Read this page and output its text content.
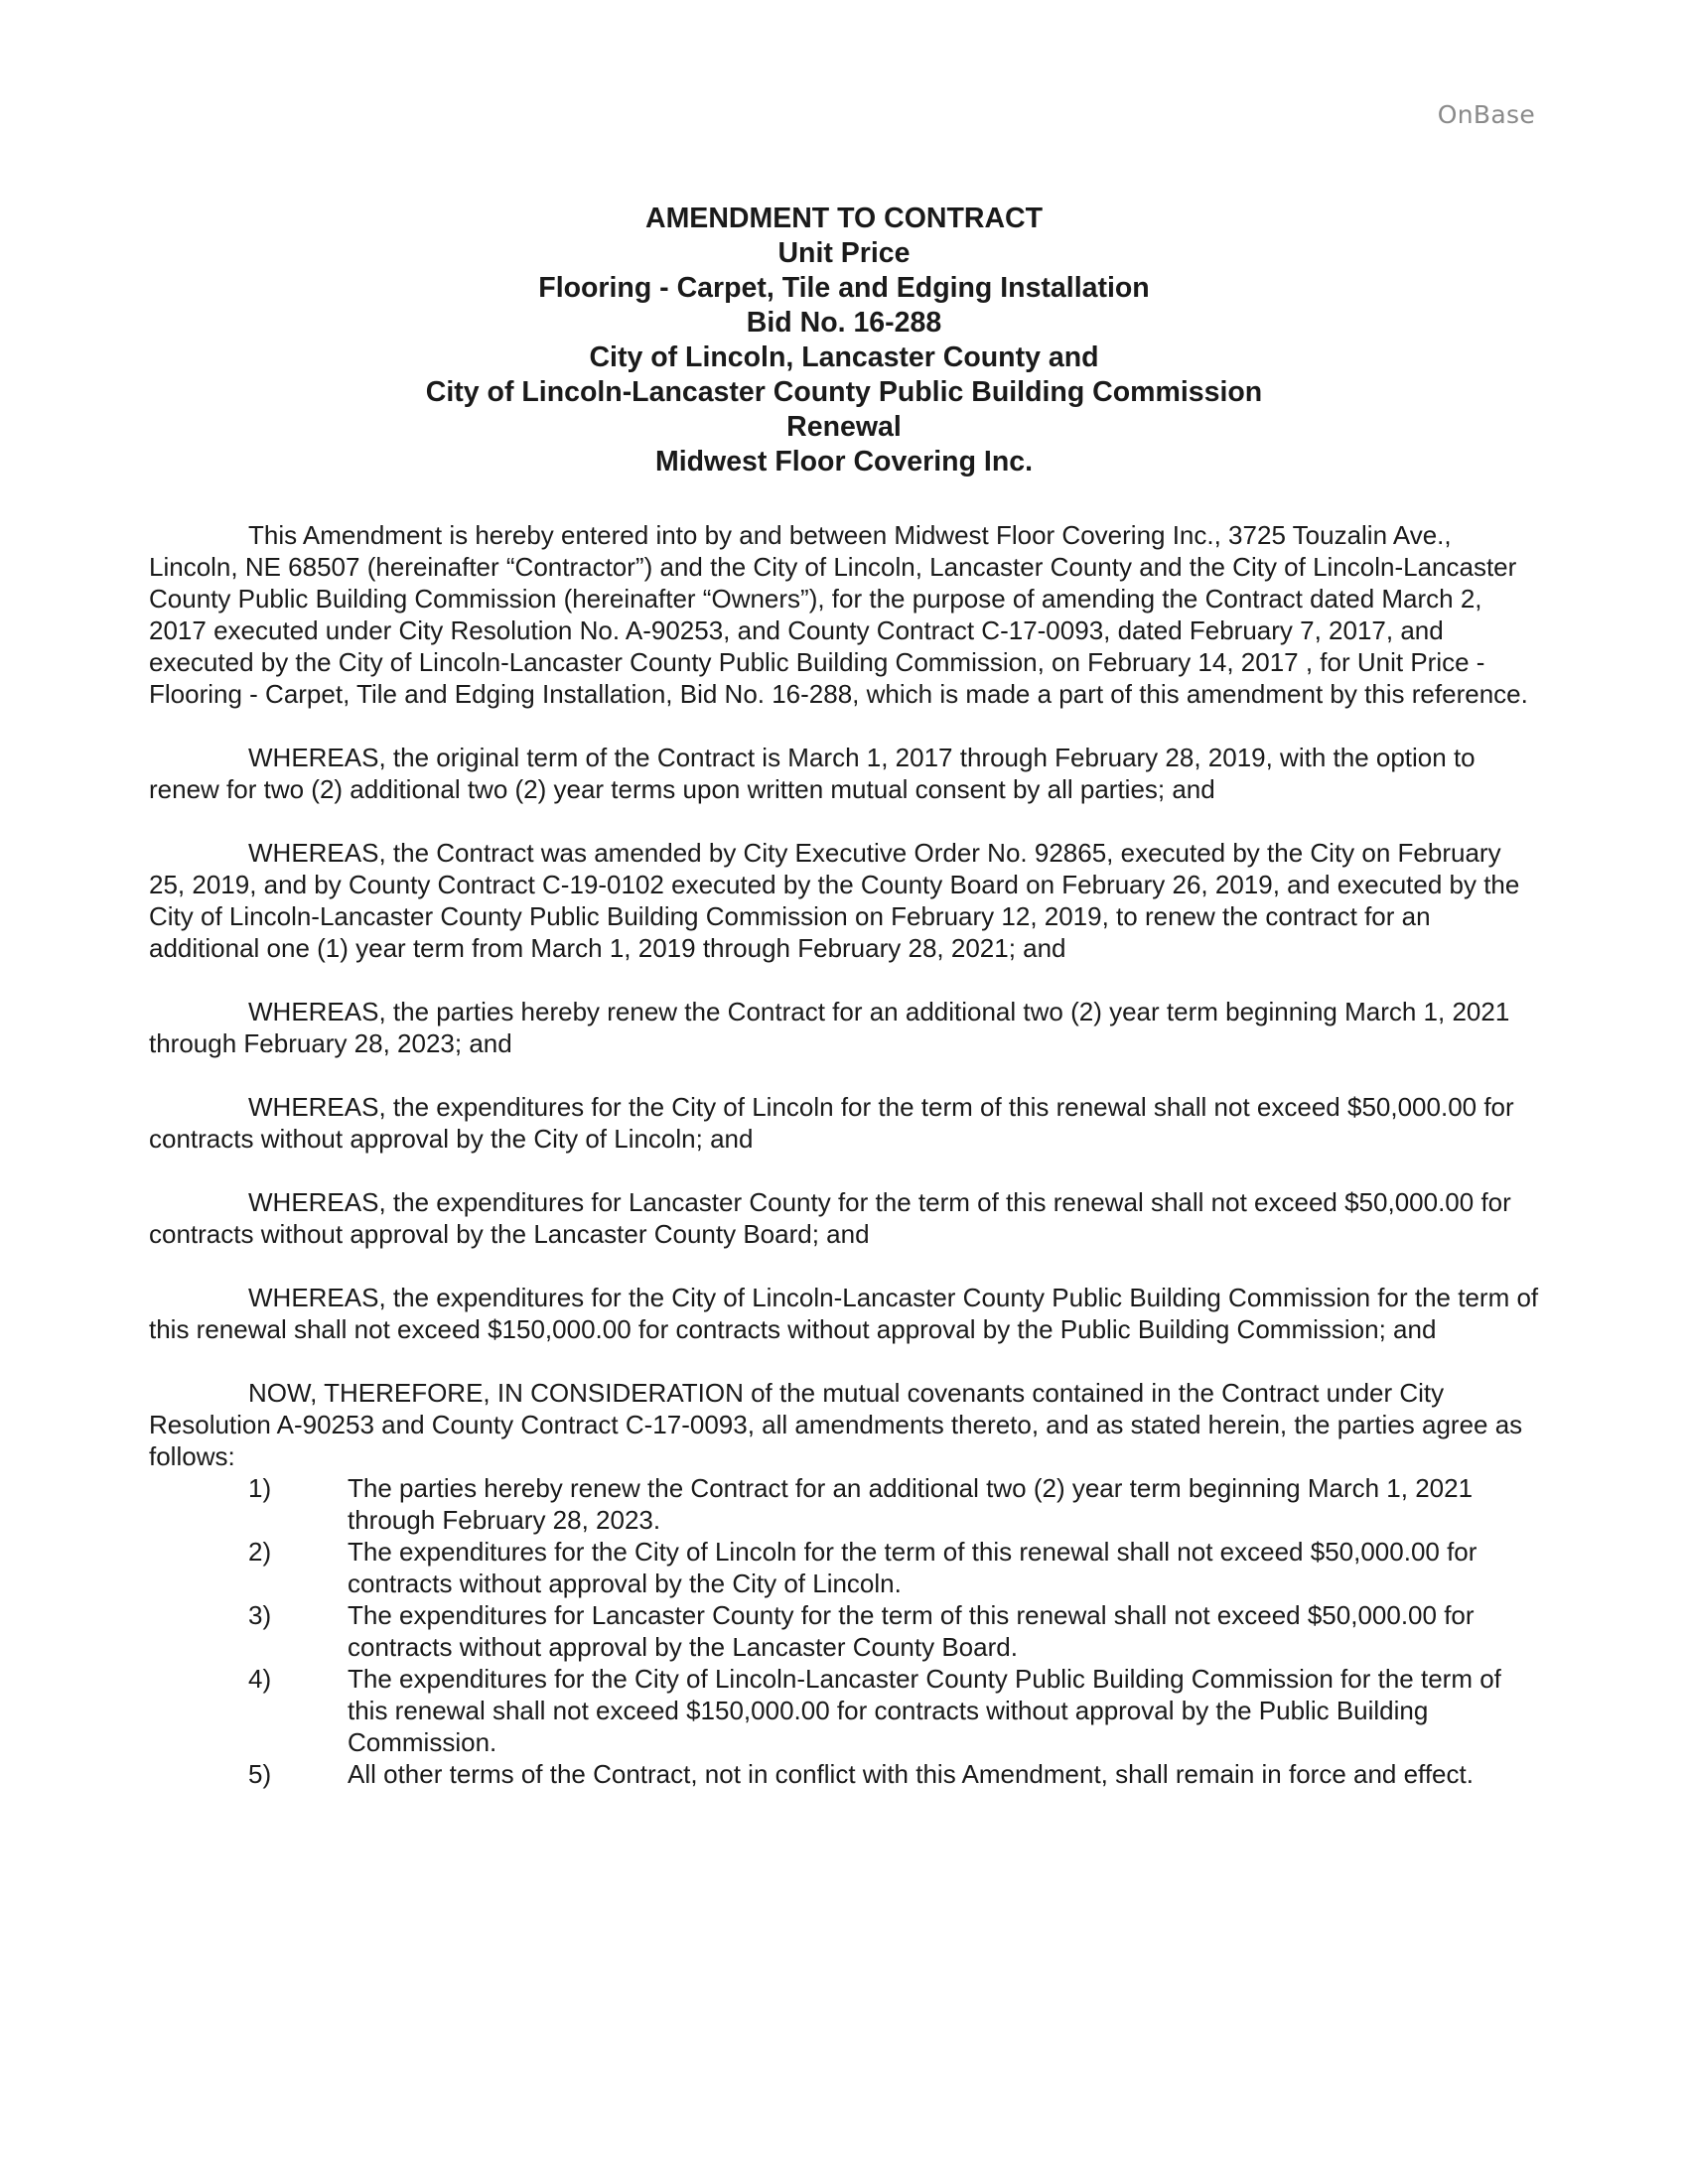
OnBase
AMENDMENT TO CONTRACT
Unit Price
Flooring - Carpet, Tile and Edging Installation
Bid No. 16-288
City of Lincoln, Lancaster County and
City of Lincoln-Lancaster County Public Building Commission
Renewal
Midwest Floor Covering Inc.

This Amendment is hereby entered into by and between Midwest Floor Covering Inc., 3725 Touzalin Ave., Lincoln, NE 68507 (hereinafter “Contractor”) and the City of Lincoln, Lancaster County and the City of Lincoln-Lancaster County Public Building Commission (hereinafter “Owners”), for the purpose of amending the Contract dated March 2, 2017 executed under City Resolution No. A-90253, and County Contract C-17-0093, dated February 7, 2017, and executed by the City of Lincoln-Lancaster County Public Building Commission, on February 14, 2017 , for Unit Price - Flooring - Carpet, Tile and Edging Installation, Bid No. 16-288, which is made a part of this amendment by this reference.

WHEREAS, the original term of the Contract is March 1, 2017 through February 28, 2019, with the option to renew for two (2) additional two (2) year terms upon written mutual consent by all parties; and

WHEREAS, the Contract was amended by City Executive Order No. 92865, executed by the City on February 25, 2019, and by County Contract C-19-0102 executed by the County Board on February 26, 2019, and executed by the City of Lincoln-Lancaster County Public Building Commission on February 12, 2019, to renew the contract for an additional one (1) year term from March 1, 2019 through February 28, 2021; and

WHEREAS, the parties hereby renew the Contract for an additional two (2) year term beginning March 1, 2021 through February 28, 2023; and

WHEREAS, the expenditures for the City of Lincoln for the term of this renewal shall not exceed $50,000.00 for contracts without approval by the City of Lincoln; and

WHEREAS, the expenditures for Lancaster County for the term of this renewal shall not exceed $50,000.00 for contracts without approval by the Lancaster County Board; and

WHEREAS, the expenditures for the City of Lincoln-Lancaster County Public Building Commission for the term of this renewal shall not exceed $150,000.00 for contracts without approval by the Public Building Commission; and

NOW, THEREFORE, IN CONSIDERATION of the mutual covenants contained in the Contract under City Resolution A-90253 and County Contract C-17-0093, all amendments thereto, and as stated herein, the parties agree as follows:

1)	The parties hereby renew the Contract for an additional two (2) year term beginning March 1, 2021 through February 28, 2023.
2)	The expenditures for the City of Lincoln for the term of this renewal shall not exceed $50,000.00 for contracts without approval by the City of Lincoln.
3)	The expenditures for Lancaster County for the term of this renewal shall not exceed $50,000.00 for contracts without approval by the Lancaster County Board.
4)	The expenditures for the City of Lincoln-Lancaster County Public Building Commission for the term of this renewal shall not exceed $150,000.00 for contracts without approval by the Public Building Commission.
5)	All other terms of the Contract, not in conflict with this Amendment, shall remain in force and effect.
